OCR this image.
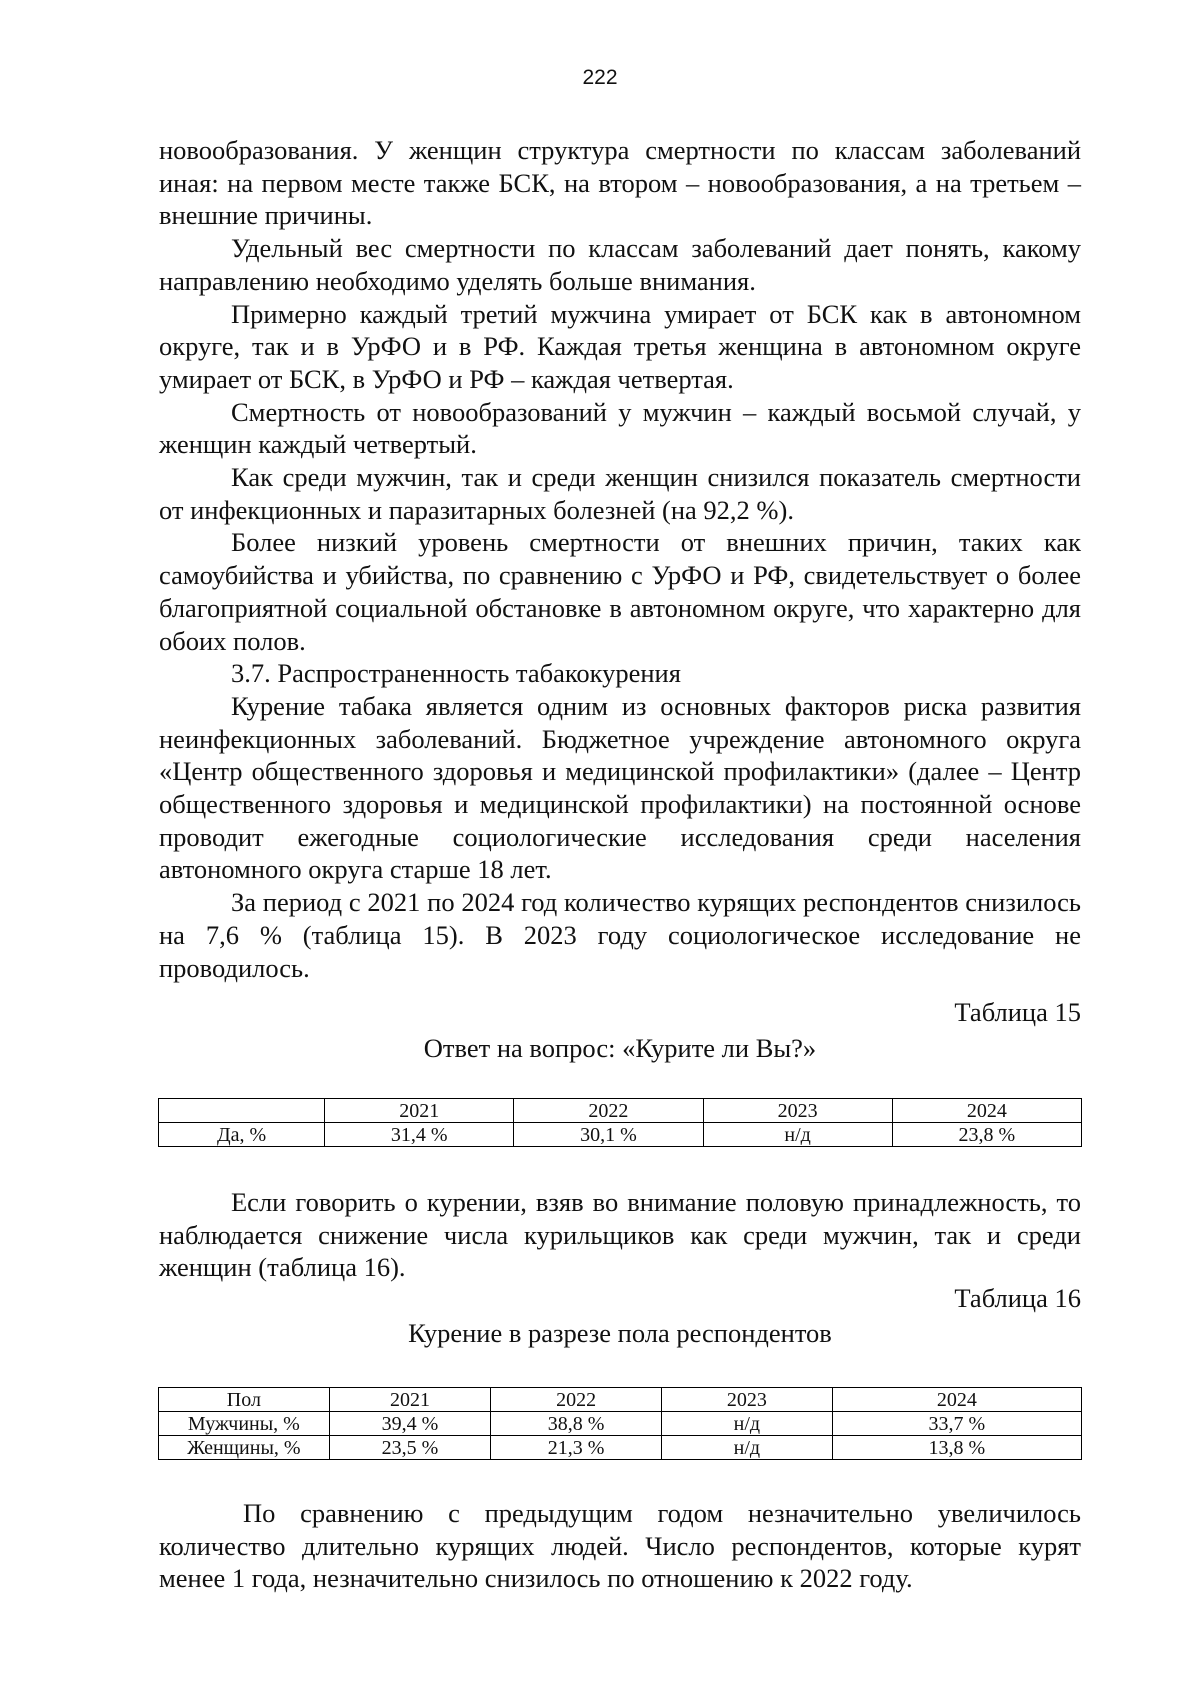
222

новообразования. У женщин структура смертности по классам заболеваний иная: на первом месте также БСК, на втором – новообразования, а на третьем – внешние причины.

Удельный вес смертности по классам заболеваний дает понять, какому направлению необходимо уделять больше внимания.

Примерно каждый третий мужчина умирает от БСК как в автономном округе, так и в УрФО и в РФ. Каждая третья женщина в автономном округе умирает от БСК, в УрФО и РФ – каждая четвертая.

Смертность от новообразований у мужчин – каждый восьмой случай, у женщин каждый четвертый.

Как среди мужчин, так и среди женщин снизился показатель смертности от инфекционных и паразитарных болезней (на 92,2 %).

Более низкий уровень смертности от внешних причин, таких как самоубийства и убийства, по сравнению с УрФО и РФ, свидетельствует о более благоприятной социальной обстановке в автономном округе, что характерно для обоих полов.

3.7. Распространенность табакокурения

Курение табака является одним из основных факторов риска развития неинфекционных заболеваний. Бюджетное учреждение автономного округа «Центр общественного здоровья и медицинской профилактики» (далее – Центр общественного здоровья и медицинской профилактики) на постоянной основе проводит ежегодные социологические исследования среди населения автономного округа старше 18 лет.

За период с 2021 по 2024 год количество курящих респондентов снизилось на 7,6 % (таблица 15). В 2023 году социологическое исследование не проводилось.

Таблица 15
Ответ на вопрос: «Курите ли Вы?»
	2021	2022	2023	2024
Да, %	31,4 %	30,1 %	н/д	23,8 %

Если говорить о курении, взяв во внимание половую принадлежность, то наблюдается снижение числа курильщиков как среди мужчин, так и среди женщин (таблица 16).

Таблица 16
Курение в разрезе пола респондентов
Пол	2021	2022	2023	2024
Мужчины, %	39,4 %	38,8 %	н/д	33,7 %
Женщины, %	23,5 %	21,3 %	н/д	13,8 %

По сравнению с предыдущим годом незначительно увеличилось количество длительно курящих людей. Число респондентов, которые курят менее 1 года, незначительно снизилось по отношению к 2022 году.
